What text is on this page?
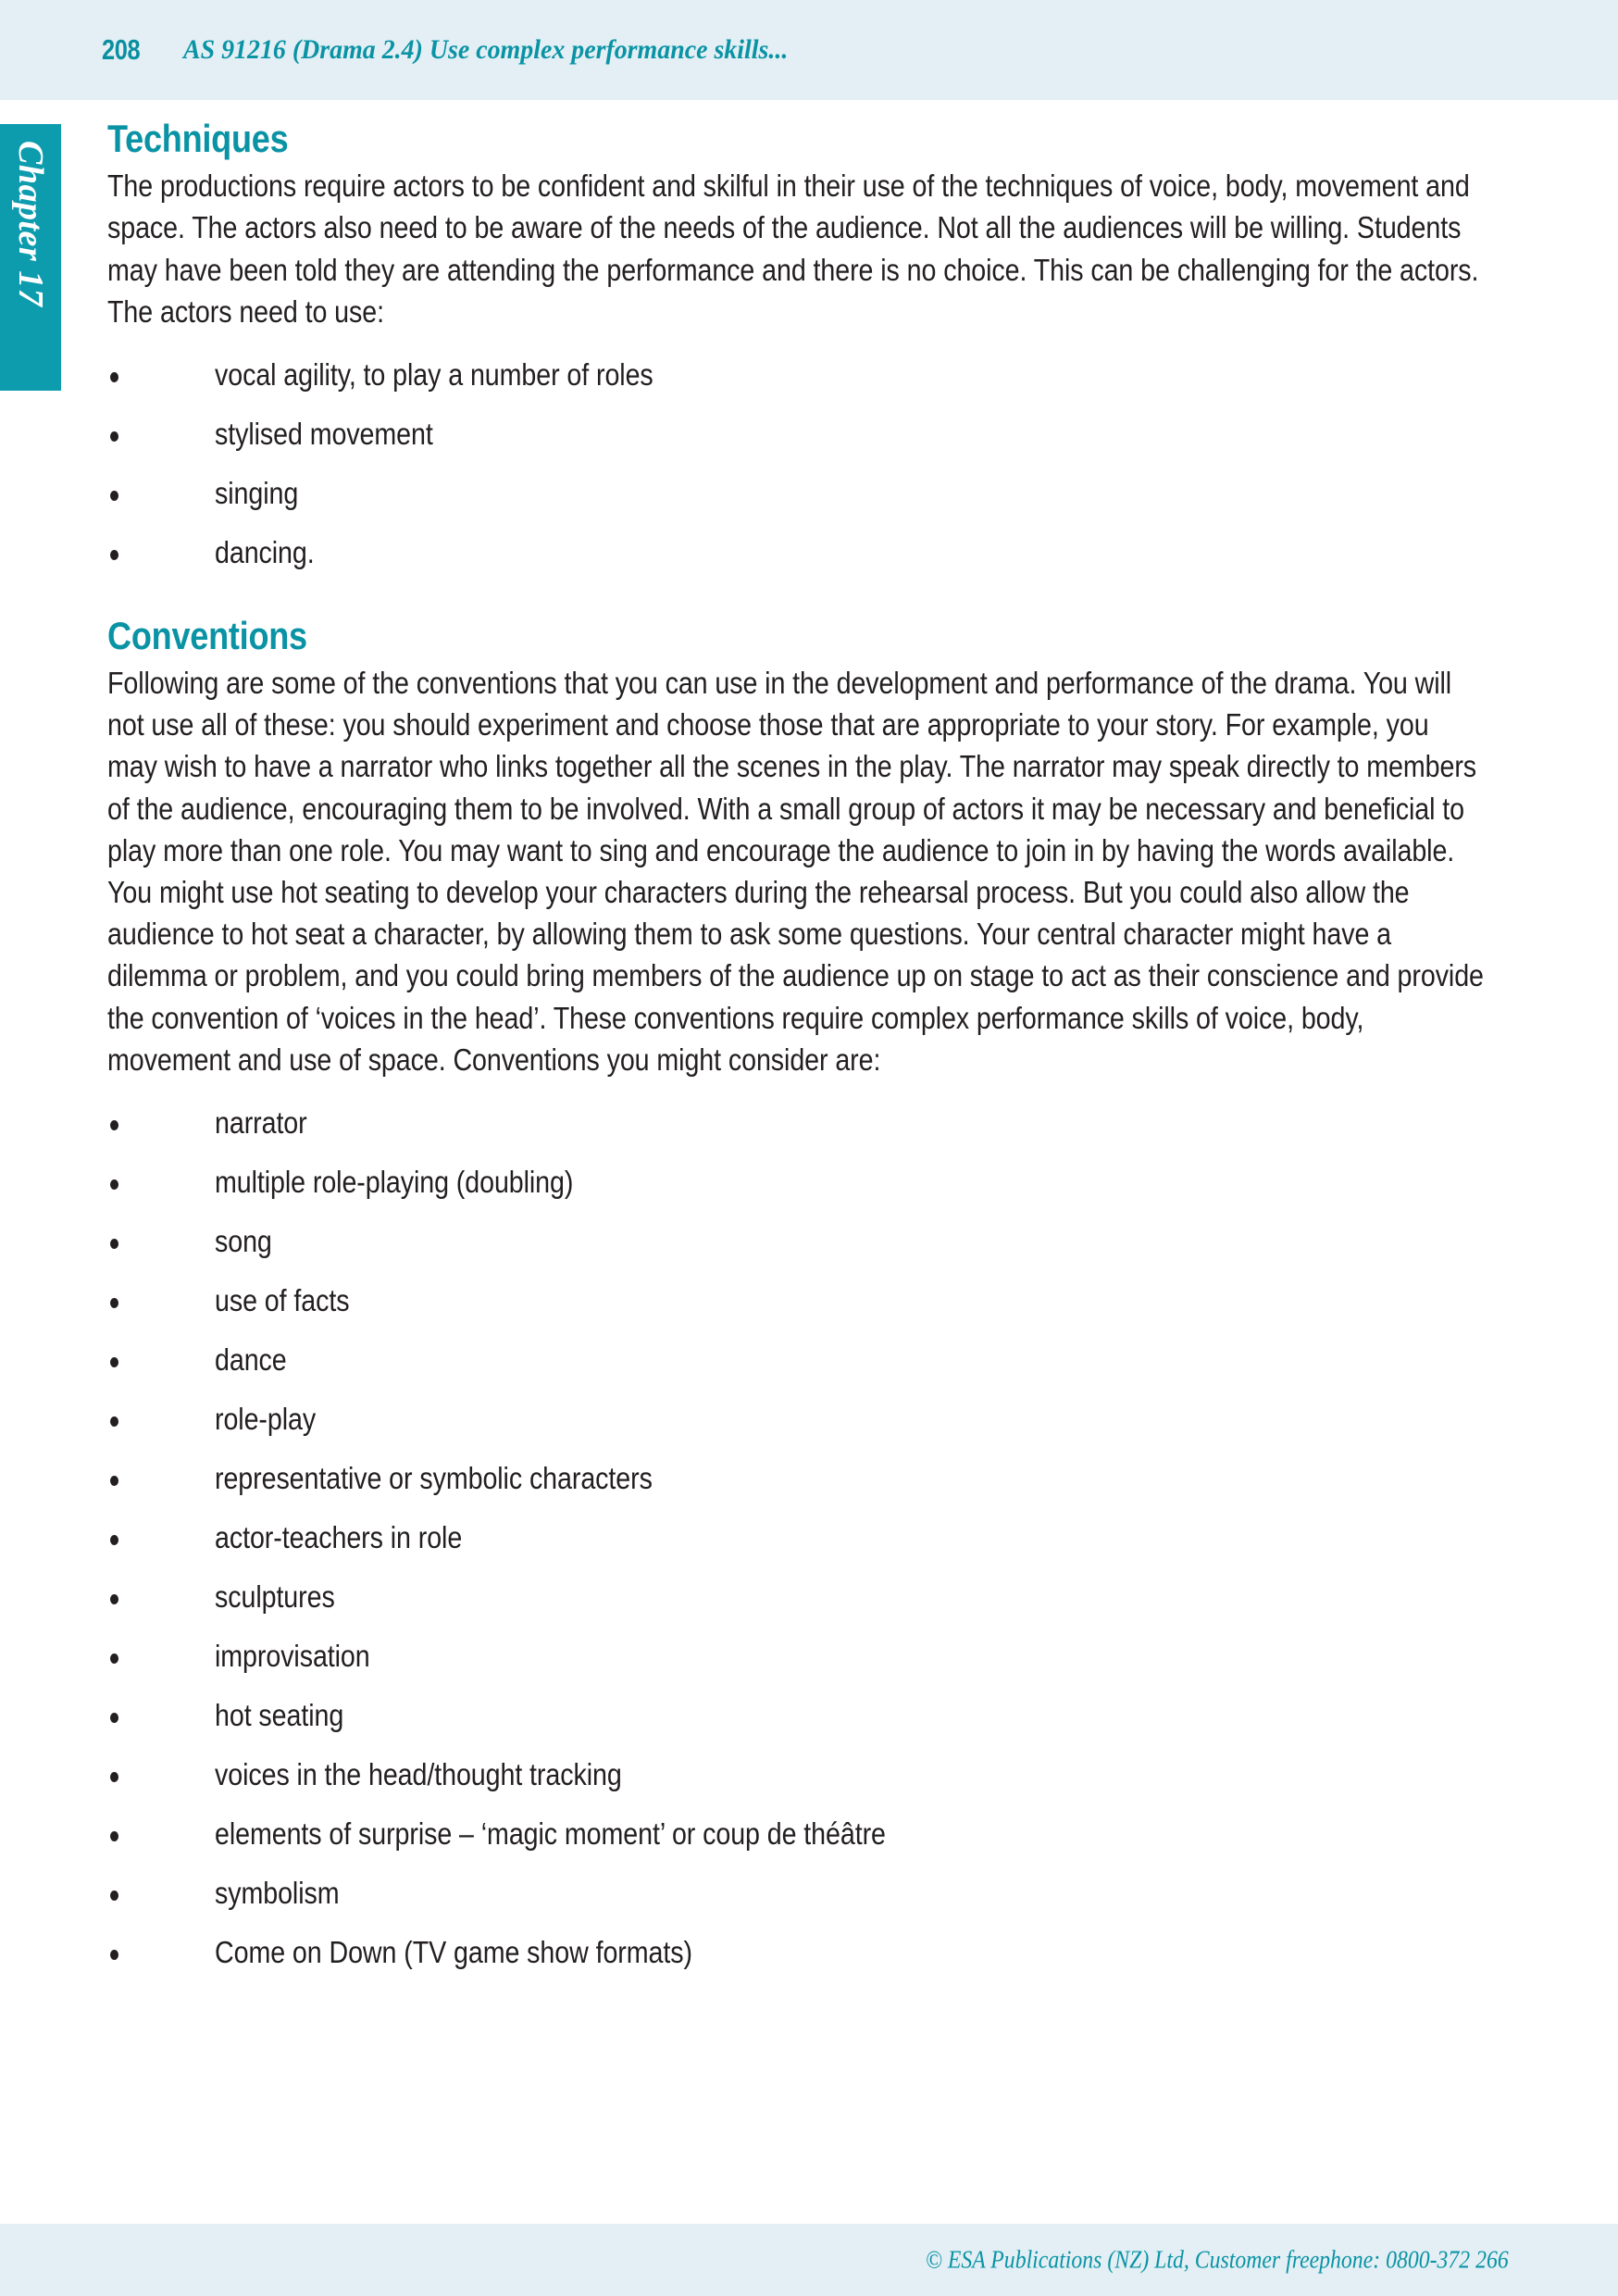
208 AS 91216 (Drama 2.4) Use complex performance skills...
Chapter 17
Techniques

The productions require actors to be confident and skilful in their use of the techniques of voice, body, movement and space. The actors also need to be aware of the needs of the audience. Not all the audiences will be willing. Students may have been told they are attending the performance and there is no choice. This can be challenging for the actors. The actors need to use:

vocal agility, to play a number of roles
stylised movement
singing
dancing.
Conventions

Following are some of the conventions that you can use in the development and performance of the drama. You will not use all of these: you should experiment and choose those that are appropriate to your story. For example, you may wish to have a narrator who links together all the scenes in the play. The narrator may speak directly to members of the audience, encouraging them to be involved. With a small group of actors it may be necessary and beneficial to play more than one role. You may want to sing and encourage the audience to join in by having the words available. You might use hot seating to develop your characters during the rehearsal process. But you could also allow the audience to hot seat a character, by allowing them to ask some questions. Your central character might have a dilemma or problem, and you could bring members of the audience up on stage to act as their conscience and provide the convention of ‘voices in the head’. These conventions require complex performance skills of voice, body, movement and use of space. Conventions you might consider are:

narrator
multiple role-playing (doubling)
song
use of facts
dance
role-play
representative or symbolic characters
actor-teachers in role
sculptures
improvisation
hot seating
voices in the head/thought tracking
elements of surprise – ‘magic moment’ or coup de théâtre
symbolism
Come on Down (TV game show formats)
© ESA Publications (NZ) Ltd, Customer freephone: 0800-372 266
